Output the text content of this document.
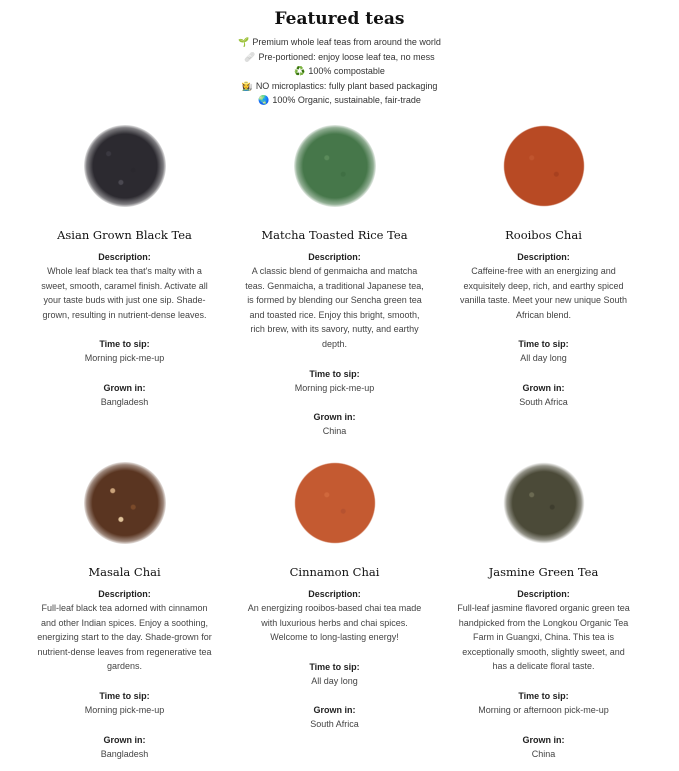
Featured teas
🌱 Premium whole leaf teas from around the world
🩹 Pre-portioned: enjoy loose leaf tea, no mess
♻️ 100% compostable
👩‍🌾 NO microplastics: fully plant based packaging
🌏 100% Organic, sustainable, fair-trade
Asian Grown Black Tea
Description:
Whole leaf black tea that's malty with a
sweet, smooth, caramel finish. Activate all
your taste buds with just one sip. Shade-
grown, resulting in nutrient-dense leaves.
Time to sip:
Morning pick-me-up
Grown in:
Bangladesh
Matcha Toasted Rice Tea
Description:
A classic blend of genmaicha and matcha
teas. Genmaicha, a traditional Japanese tea,
is formed by blending our Sencha green tea
and toasted rice. Enjoy this bright, smooth,
rich brew, with its savory, nutty, and earthy
depth.
Time to sip:
Morning pick-me-up
Grown in:
China
Rooibos Chai
Description:
Caffeine-free with an energizing and
exquisitely deep, rich, and earthy spiced
vanilla taste. Meet your new unique South
African blend.
Time to sip:
All day long
Grown in:
South Africa
Masala Chai
Description:
Full-leaf black tea adorned with cinnamon
and other Indian spices. Enjoy a soothing,
energizing start to the day. Shade-grown for
nutrient-dense leaves from regenerative tea
gardens.
Time to sip:
Morning pick-me-up
Grown in:
Bangladesh
Cinnamon Chai
Description:
An energizing rooibos-based chai tea made
with luxurious herbs and chai spices.
Welcome to long-lasting energy!
Time to sip:
All day long
Grown in:
South Africa
Jasmine Green Tea
Description:
Full-leaf jasmine flavored organic green tea
handpicked from the Longkou Organic Tea
Farm in Guangxi, China. This tea is
exceptionally smooth, slightly sweet, and
has a delicate floral taste.
Time to sip:
Morning or afternoon pick-me-up
Grown in:
China
